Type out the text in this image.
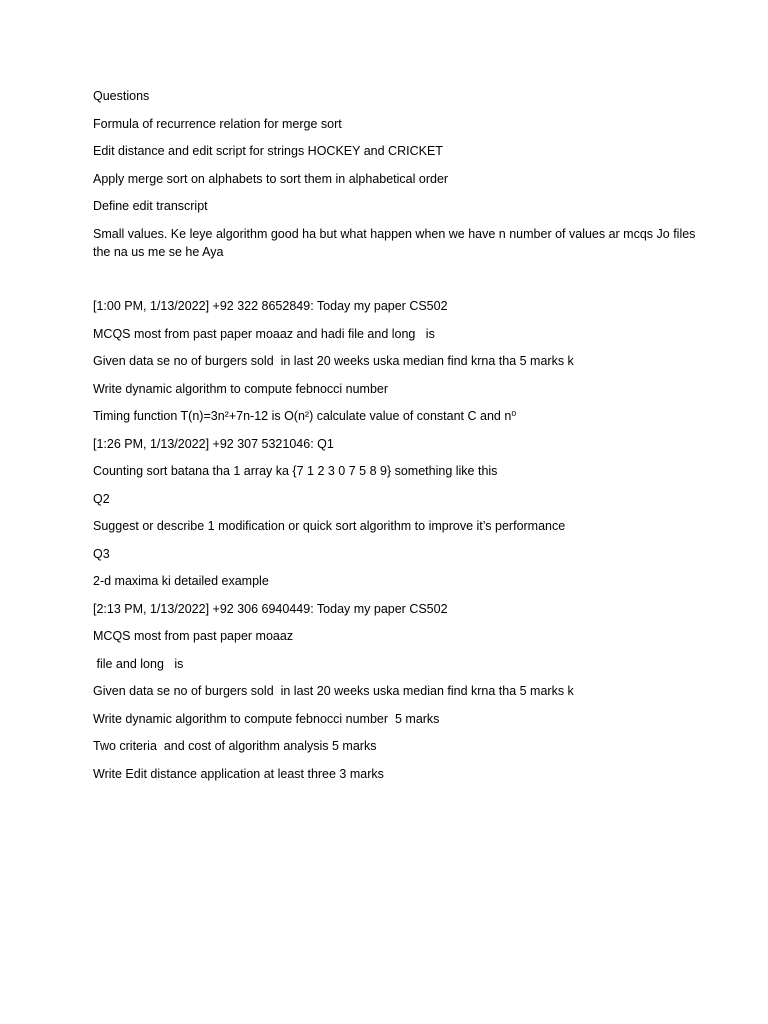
Questions

Formula of recurrence relation for merge sort

Edit distance and edit script for strings HOCKEY and CRICKET

Apply merge sort on alphabets to sort them in alphabetical order

Define edit transcript

Small values. Ke leye algorithm good ha but what happen when we have n number of values ar mcqs Jo files the na us me se he Aya

[1:00 PM, 1/13/2022] +92 322 8652849: Today my paper CS502

MCQS most from past paper moaaz and hadi file and long   is

Given data se no of burgers sold  in last 20 weeks uska median find krna tha 5 marks k

Write dynamic algorithm to compute febnocci number

Timing function T(n)=3n²+7n-12 is O(n²) calculate value of constant C and n⁰

[1:26 PM, 1/13/2022] +92 307 5321046: Q1

Counting sort batana tha 1 array ka {7 1 2 3 0 7 5 8 9} something like this

Q2

Suggest or describe 1 modification or quick sort algorithm to improve it’s performance

Q3

2-d maxima ki detailed example

[2:13 PM, 1/13/2022] +92 306 6940449: Today my paper CS502

MCQS most from past paper moaaz

file and long   is

Given data se no of burgers sold  in last 20 weeks uska median find krna tha 5 marks k

Write dynamic algorithm to compute febnocci number  5 marks

Two criteria  and cost of algorithm analysis 5 marks

Write Edit distance application at least three 3 marks
